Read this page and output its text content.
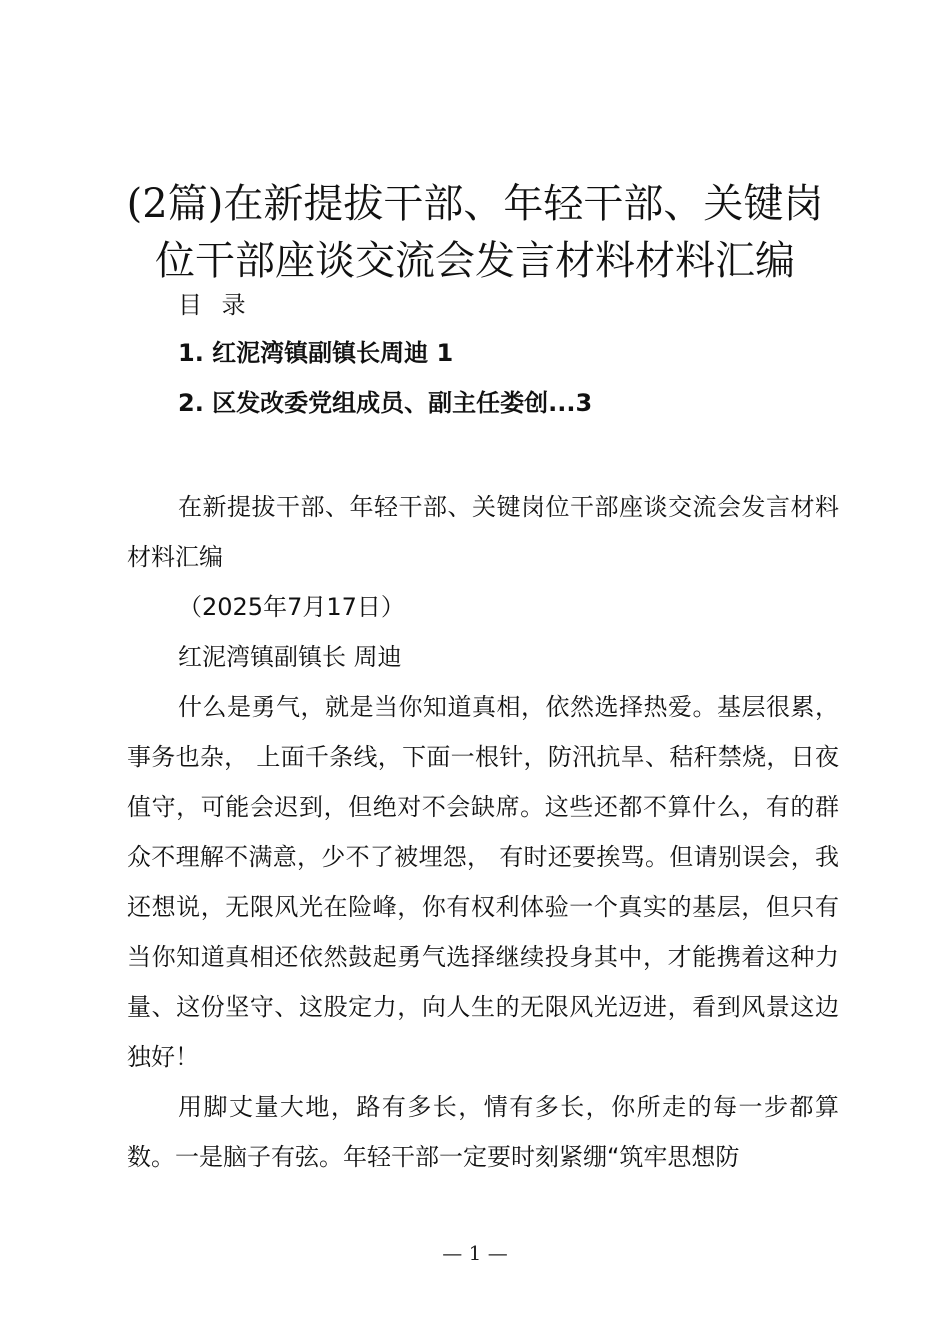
(2篇)在新提拔干部、年轻干部、关键岗位干部座谈交流会发言材料材料汇编
目 录
1. 红泥湾镇副镇长周迪 1
2. 区发改委党组成员、副主任娄创...3

在新提拔干部、年轻干部、关键岗位干部座谈交流会发言材料材料汇编

（2025年7月17日）

红泥湾镇副镇长 周迪

什么是勇气，就是当你知道真相，依然选择热爱。基层很累，事务也杂， 上面千条线，下面一根针，防汛抗旱、秸秆禁烧，日夜值守，可能会迟到，但绝对不会缺席。这些还都不算什么，有的群众不理解不满意，少不了被埋怨， 有时还要挨骂。但请别误会，我还想说，无限风光在险峰，你有权利体验一个真实的基层，但只有当你知道真相还依然鼓起勇气选择继续投身其中，才能携着这种力量、这份坚守、这股定力，向人生的无限风光迈进，看到风景这边独好！

用脚丈量大地，路有多长，情有多长，你所走的每一步都算数。一是脑子有弦。年轻干部一定要时刻紧绷“筑牢思想防

— 1 —
